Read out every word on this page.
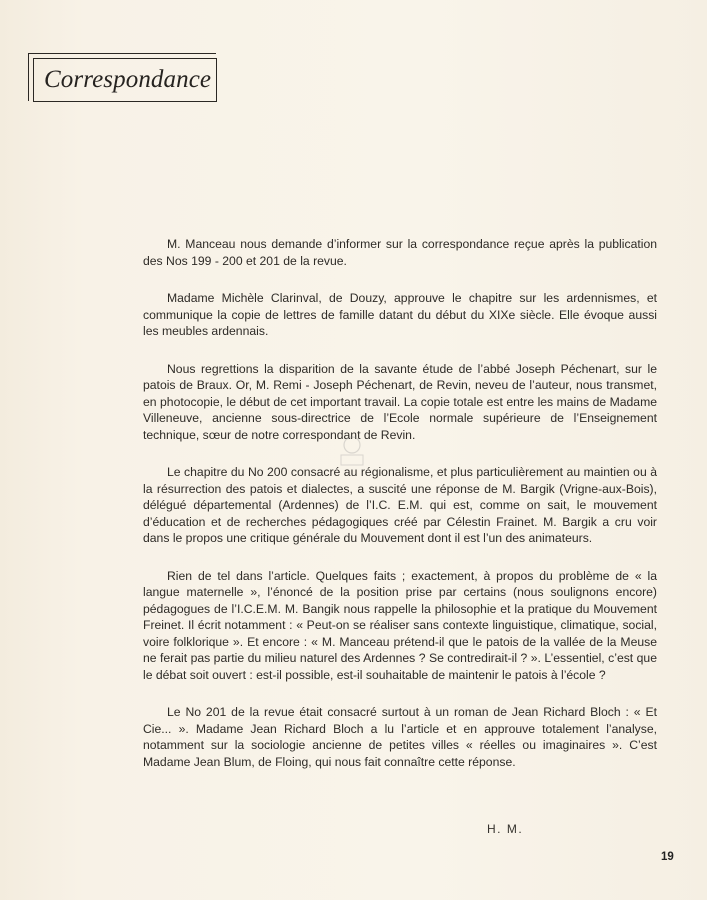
Correspondance

M. Manceau nous demande d’informer sur la correspondance reçue après la publication des Nos 199 - 200 et 201 de la revue.

Madame Michèle Clarinval, de Douzy, approuve le chapitre sur les ardennismes, et communique la copie de lettres de famille datant du début du XIXe siècle. Elle évoque aussi les meubles ardennais.

Nous regrettions la disparition de la savante étude de l’abbé Joseph Péchenart, sur le patois de Braux. Or, M. Remi - Joseph Péchenart, de Revin, neveu de l’auteur, nous transmet, en photocopie, le début de cet important travail. La copie totale est entre les mains de Madame Villeneuve, ancienne sous-directrice de l’Ecole normale supérieure de l’Enseignement technique, sœur de notre correspondant de Revin.

Le chapitre du No 200 consacré au régionalisme, et plus particulièrement au maintien ou à la résurrection des patois et dialectes, a suscité une réponse de M. Bargik (Vrigne-aux-Bois), délégué départemental (Ardennes) de l’I.C. E.M. qui est, comme on sait, le mouvement d’éducation et de recherches pédagogiques créé par Célestin Frainet. M. Bargik a cru voir dans le propos une critique générale du Mouvement dont il est l’un des animateurs.

Rien de tel dans l’article. Quelques faits ; exactement, à propos du problème de « la langue maternelle », l’énoncé de la position prise par certains (nous soulignons encore) pédagogues de l’I.C.E.M. M. Bangik nous rappelle la philosophie et la pratique du Mouvement Freinet. Il écrit notamment : « Peut-on se réaliser sans contexte linguistique, climatique, social, voire folklorique ». Et encore : « M. Manceau prétend-il que le patois de la vallée de la Meuse ne ferait pas partie du milieu naturel des Ardennes ? Se contredirait-il ? ». L’essentiel, c’est que le débat soit ouvert : est-il possible, est-il souhaitable de maintenir le patois à l’école ?

Le No 201 de la revue était consacré surtout à un roman de Jean Richard Bloch : « Et Cie... ». Madame Jean Richard Bloch a lu l’article et en approuve totalement l’analyse, notamment sur la sociologie ancienne de petites villes « réelles ou imaginaires ». C’est Madame Jean Blum, de Floing, qui nous fait connaître cette réponse.

H. M.
19
